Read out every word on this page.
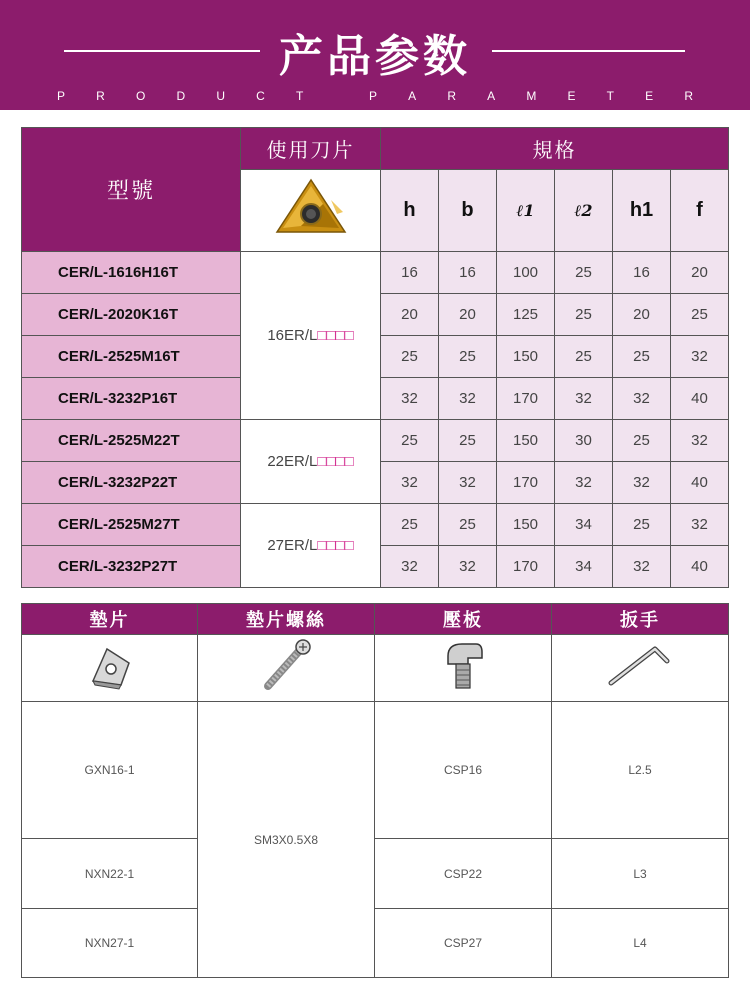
产品参数
P	R	O	D	U	C	T
	P	A	R	A	M	E	T	E	R
型號	使用刀片	規格					
	h	b	ℓ1	ℓ2	h1	f
CER/L-1616H16T	16ER/L□□□□	16	16	100	25	16	20
CER/L-2020K16T		20	20	125	25	20	25
CER/L-2525M16T		25	25	150	25	25	32
CER/L-3232P16T		32	32	170	32	32	40
CER/L-2525M22T	22ER/L□□□□	25	25	150	30	25	32
CER/L-3232P22T		32	32	170	32	32	40
CER/L-2525M27T	27ER/L□□□□	25	25	150	34	25	32
CER/L-3232P27T		32	32	170	34	32	40
墊片	墊片螺絲	壓板	扳手

GXN16-1	SM3X0.5X8	CSP16	L2.5
NXN22-1		CSP22	L3
NXN27-1		CSP27	L4
